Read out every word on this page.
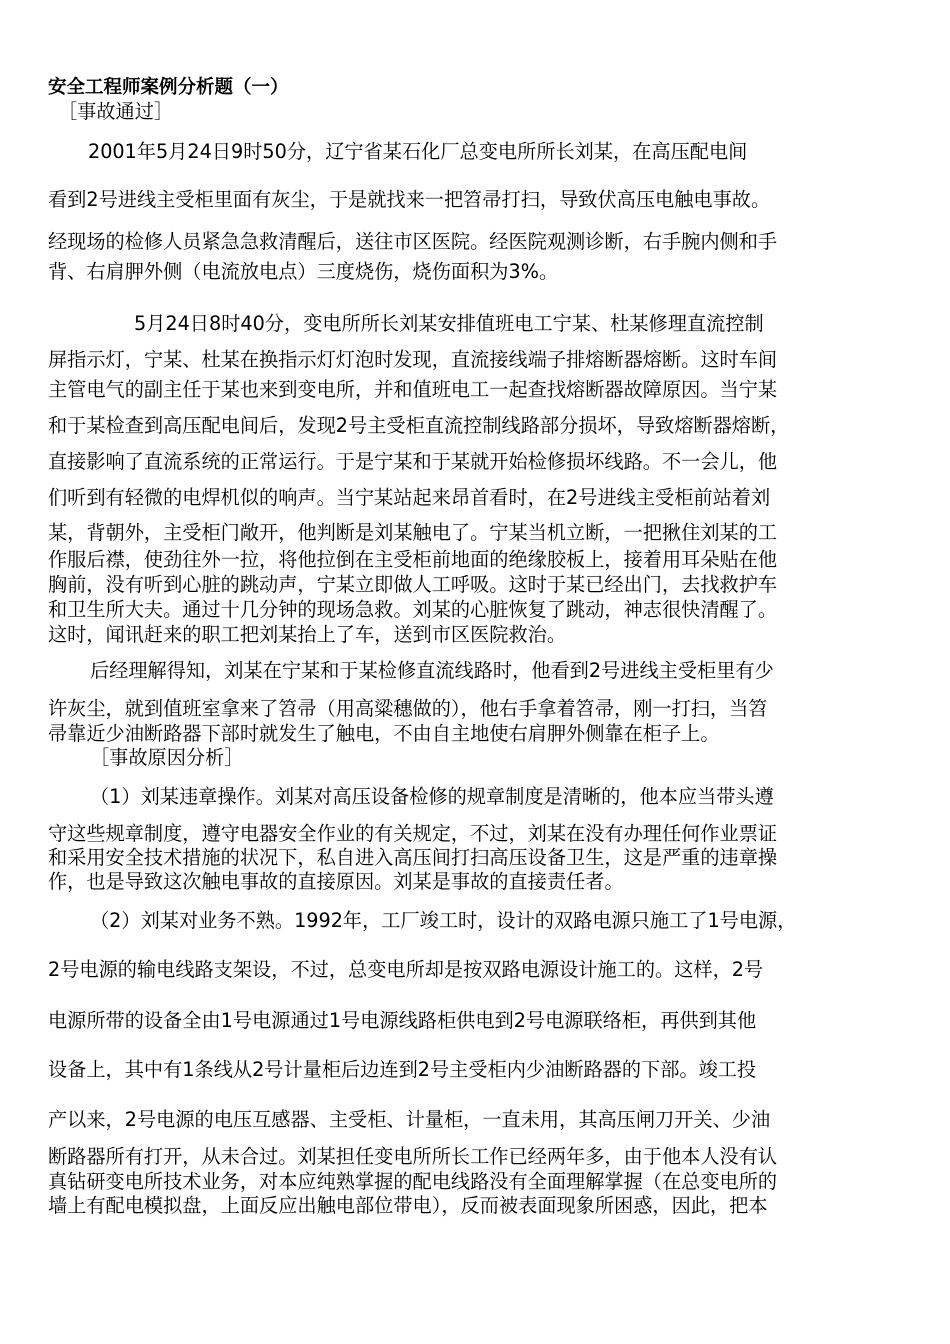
安全工程师案例分析题（一）
［事故通过］
2001年5月24日9时50分，辽宁省某石化厂总变电所所长刘某，在高压配电间
看到2号进线主受柜里面有灰尘，于是就找来一把笤帚打扫，导致伏高压电触电事故。
经现场的检修人员紧急急救清醒后，送往市区医院。经医院观测诊断，右手腕内侧和手
背、右肩胛外侧（电流放电点）三度烧伤，烧伤面积为3%。
5月24日8时40分，变电所所长刘某安排值班电工宁某、杜某修理直流控制
屏指示灯，宁某、杜某在换指示灯灯泡时发现，直流接线端子排熔断器熔断。这时车间
主管电气的副主任于某也来到变电所，并和值班电工一起查找熔断器故障原因。当宁某
和于某检查到高压配电间后，发现2号主受柜直流控制线路部分损坏，导致熔断器熔断，
直接影响了直流系统的正常运行。于是宁某和于某就开始检修损坏线路。不一会儿，他
们听到有轻微的电焊机似的响声。当宁某站起来昂首看时，在2号进线主受柜前站着刘
某，背朝外，主受柜门敞开，他判断是刘某触电了。宁某当机立断，一把揪住刘某的工
作服后襟，使劲往外一拉，将他拉倒在主受柜前地面的绝缘胶板上，接着用耳朵贴在他
胸前，没有听到心脏的跳动声，宁某立即做人工呼吸。这时于某已经出门，去找救护车
和卫生所大夫。通过十几分钟的现场急救。刘某的心脏恢复了跳动，神志很快清醒了。
这时，闻讯赶来的职工把刘某抬上了车，送到市区医院救治。
后经理解得知，刘某在宁某和于某检修直流线路时，他看到2号进线主受柜里有少
许灰尘，就到值班室拿来了笤帚（用高粱穗做的），他右手拿着笤帚，刚一打扫，当笤
帚靠近少油断路器下部时就发生了触电，不由自主地使右肩胛外侧靠在柜子上。
［事故原因分析］
（1）刘某违章操作。刘某对高压设备检修的规章制度是清晰的，他本应当带头遵
守这些规章制度，遵守电器安全作业的有关规定，不过，刘某在没有办理任何作业票证
和采用安全技术措施的状况下，私自进入高压间打扫高压设备卫生，这是严重的违章操
作，也是导致这次触电事故的直接原因。刘某是事故的直接责任者。
（2）刘某对业务不熟。1992年，工厂竣工时，设计的双路电源只施工了1号电源，
2号电源的输电线路支架设，不过，总变电所却是按双路电源设计施工的。这样，2号
电源所带的设备全由1号电源通过1号电源线路柜供电到2号电源联络柜，再供到其他
设备上，其中有1条线从2号计量柜后边连到2号主受柜内少油断路器的下部。竣工投
产以来，2号电源的电压互感器、主受柜、计量柜，一直未用，其高压闸刀开关、少油
断路器所有打开，从未合过。刘某担任变电所所长工作已经两年多，由于他本人没有认
真钻研变电所技术业务，对本应纯熟掌握的配电线路没有全面理解掌握（在总变电所的
墙上有配电模拟盘，上面反应出触电部位带电），反而被表面现象所困惑，因此，把本
